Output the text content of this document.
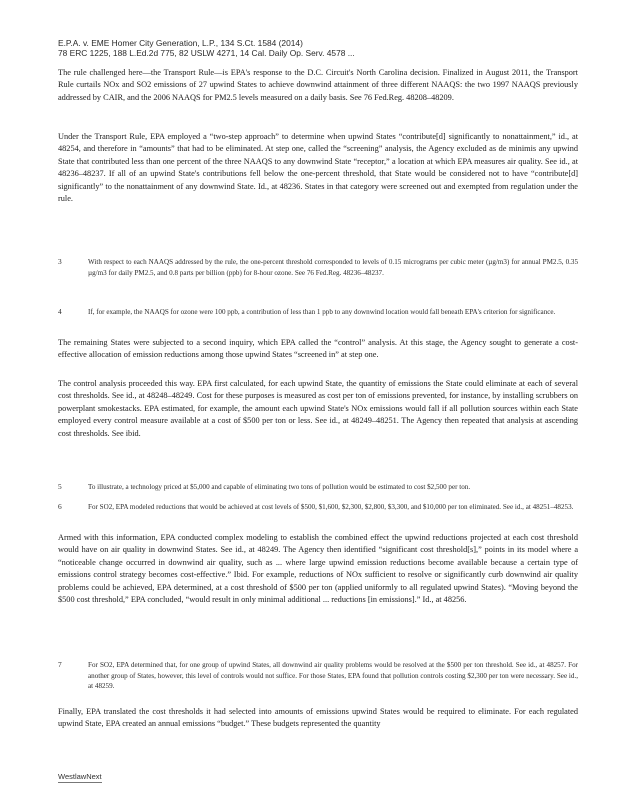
E.P.A. v. EME Homer City Generation, L.P., 134 S.Ct. 1584 (2014)
78 ERC 1225, 188 L.Ed.2d 775, 82 USLW 4271, 14 Cal. Daily Op. Serv. 4578 ...
The rule challenged here—the Transport Rule—is EPA's response to the D.C. Circuit's North Carolina decision. Finalized in August 2011, the Transport Rule curtails NOx and SO2 emissions of 27 upwind States to achieve downwind attainment of three different NAAQS: the two 1997 NAAQS previously addressed by CAIR, and the 2006 NAAQS for PM2.5 levels measured on a daily basis. See 76 Fed.Reg. 48208–48209.
Under the Transport Rule, EPA employed a “two-step approach” to determine when upwind States “contribute[d] significantly to nonattainment,” id., at 48254, and therefore in “amounts” that had to be eliminated. At step one, called the “screening” analysis, the Agency excluded as de minimis any upwind State that contributed less than one percent of the three NAAQS to any downwind State “receptor,” a location at which EPA measures air quality. See id., at 48236–48237. If all of an upwind State's contributions fell below the one-percent threshold, that State would be considered not to have “contribute[d] significantly” to the nonattainment of any downwind State. Id., at 48236. States in that category were screened out and exempted from regulation under the rule.
3	With respect to each NAAQS addressed by the rule, the one-percent threshold corresponded to levels of 0.15 micrograms per cubic meter (µg/m3) for annual PM2.5, 0.35 µg/m3 for daily PM2.5, and 0.8 parts per billion (ppb) for 8-hour ozone. See 76 Fed.Reg. 48236–48237.
4	If, for example, the NAAQS for ozone were 100 ppb, a contribution of less than 1 ppb to any downwind location would fall beneath EPA's criterion for significance.
The remaining States were subjected to a second inquiry, which EPA called the “control” analysis. At this stage, the Agency sought to generate a cost-effective allocation of emission reductions among those upwind States “screened in” at step one.
The control analysis proceeded this way. EPA first calculated, for each upwind State, the quantity of emissions the State could eliminate at each of several cost thresholds. See id., at 48248–48249. Cost for these purposes is measured as cost per ton of emissions prevented, for instance, by installing scrubbers on powerplant smokestacks. EPA estimated, for example, the amount each upwind State's NOx emissions would fall if all pollution sources within each State employed every control measure available at a cost of $500 per ton or less. See id., at 48249–48251. The Agency then repeated that analysis at ascending cost thresholds. See ibid.
5	To illustrate, a technology priced at $5,000 and capable of eliminating two tons of pollution would be estimated to cost $2,500 per ton.
6	For SO2, EPA modeled reductions that would be achieved at cost levels of $500, $1,600, $2,300, $2,800, $3,300, and $10,000 per ton eliminated. See id., at 48251–48253.
Armed with this information, EPA conducted complex modeling to establish the combined effect the upwind reductions projected at each cost threshold would have on air quality in downwind States. See id., at 48249. The Agency then identified “significant cost threshold[s],” points in its model where a “noticeable change occurred in downwind air quality, such as ... where large upwind emission reductions become available because a certain type of emissions control strategy becomes cost-effective.” Ibid. For example, reductions of NOx sufficient to resolve or significantly curb downwind air quality problems could be achieved, EPA determined, at a cost threshold of $500 per ton (applied uniformly to all regulated upwind States). “Moving beyond the $500 cost threshold,” EPA concluded, “would result in only minimal additional ... reductions [in emissions].” Id., at 48256.
7	For SO2, EPA determined that, for one group of upwind States, all downwind air quality problems would be resolved at the $500 per ton threshold. See id., at 48257. For another group of States, however, this level of controls would not suffice. For those States, EPA found that pollution controls costing $2,300 per ton were necessary. See id., at 48259.
Finally, EPA translated the cost thresholds it had selected into amounts of emissions upwind States would be required to eliminate. For each regulated upwind State, EPA created an annual emissions “budget.” These budgets represented the quantity
WestlawNext
